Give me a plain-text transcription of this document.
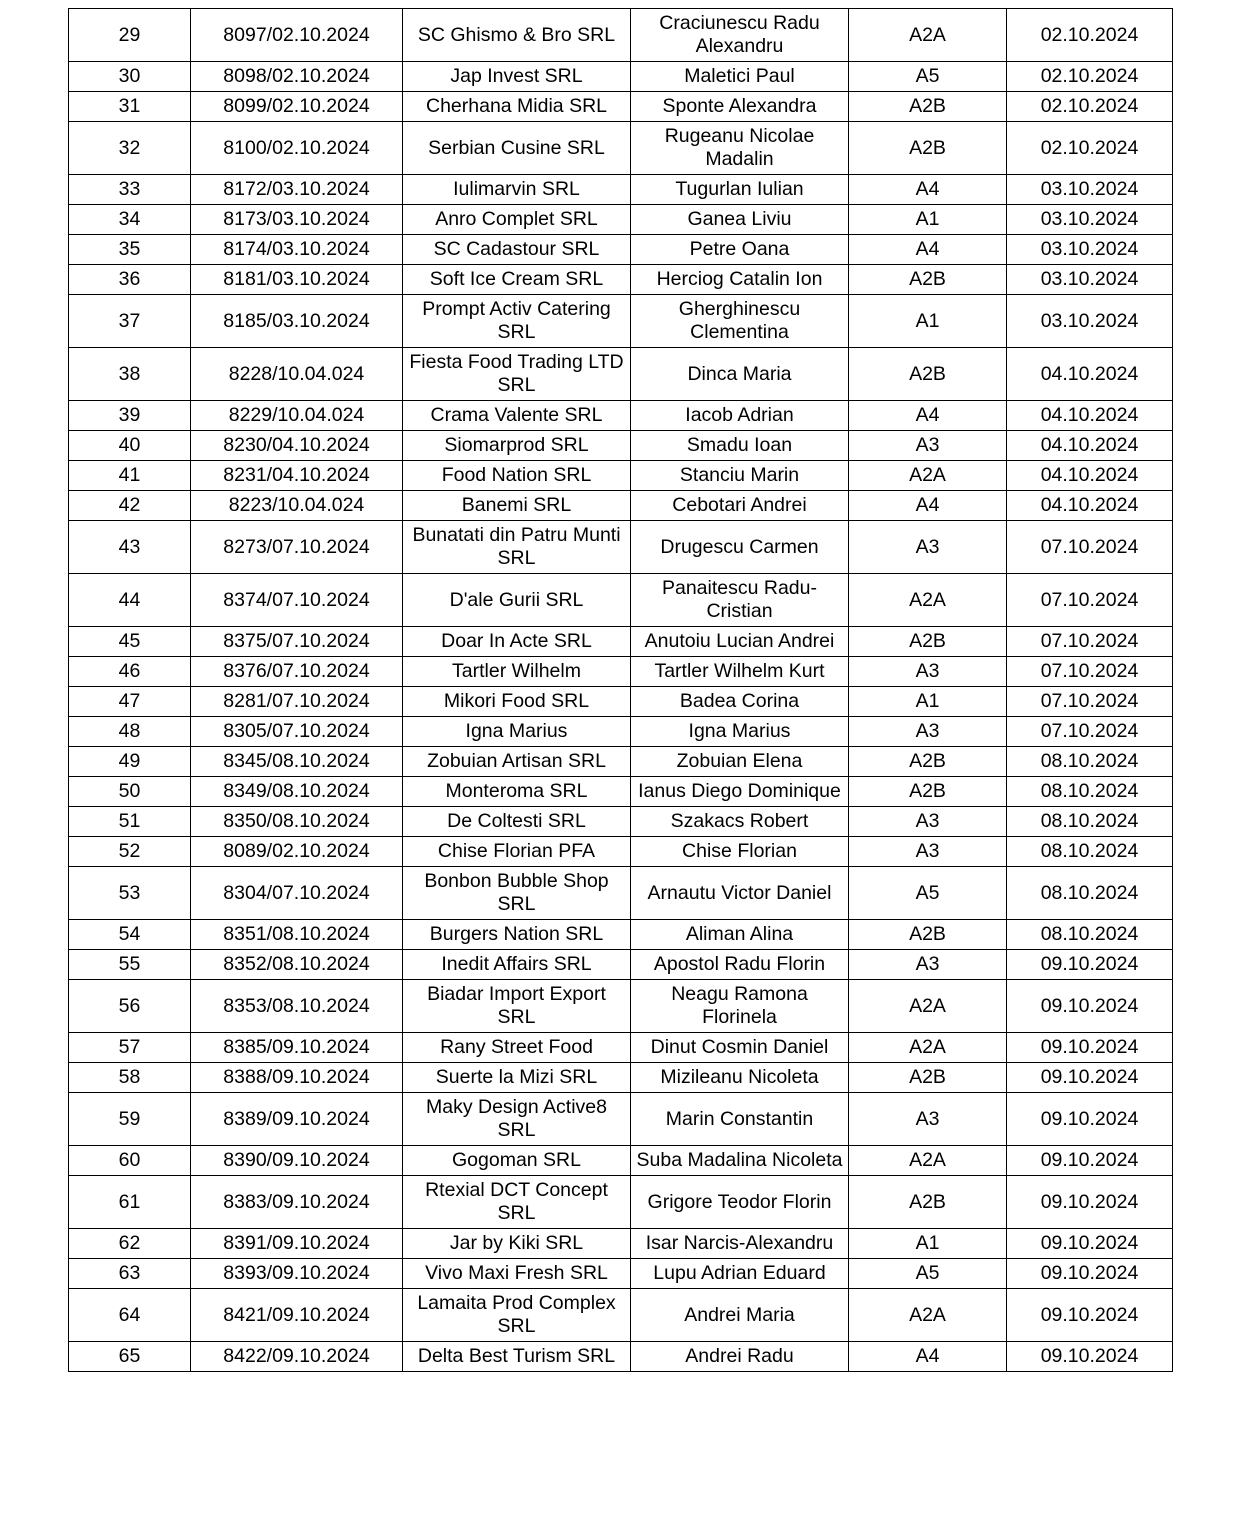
29	8097/02.10.2024	SC Ghismo & Bro SRL	Craciunescu Radu Alexandru	A2A	02.10.2024
30	8098/02.10.2024	Jap Invest SRL	Maletici Paul	A5	02.10.2024
31	8099/02.10.2024	Cherhana Midia SRL	Sponte Alexandra	A2B	02.10.2024
32	8100/02.10.2024	Serbian Cusine SRL	Rugeanu Nicolae Madalin	A2B	02.10.2024
33	8172/03.10.2024	Iulimarvin SRL	Tugurlan Iulian	A4	03.10.2024
34	8173/03.10.2024	Anro Complet SRL	Ganea Liviu	A1	03.10.2024
35	8174/03.10.2024	SC Cadastour SRL	Petre Oana	A4	03.10.2024
36	8181/03.10.2024	Soft Ice Cream SRL	Herciog Catalin Ion	A2B	03.10.2024
37	8185/03.10.2024	Prompt Activ Catering SRL	Gherghinescu Clementina	A1	03.10.2024
38	8228/10.04.024	Fiesta Food Trading LTD SRL	Dinca Maria	A2B	04.10.2024
39	8229/10.04.024	Crama Valente SRL	Iacob Adrian	A4	04.10.2024
40	8230/04.10.2024	Siomarprod SRL	Smadu Ioan	A3	04.10.2024
41	8231/04.10.2024	Food Nation SRL	Stanciu Marin	A2A	04.10.2024
42	8223/10.04.024	Banemi SRL	Cebotari Andrei	A4	04.10.2024
43	8273/07.10.2024	Bunatati din Patru Munti SRL	Drugescu Carmen	A3	07.10.2024
44	8374/07.10.2024	D'ale Gurii SRL	Panaitescu Radu-Cristian	A2A	07.10.2024
45	8375/07.10.2024	Doar In Acte SRL	Anutoiu Lucian Andrei	A2B	07.10.2024
46	8376/07.10.2024	Tartler Wilhelm	Tartler Wilhelm Kurt	A3	07.10.2024
47	8281/07.10.2024	Mikori Food SRL	Badea Corina	A1	07.10.2024
48	8305/07.10.2024	Igna Marius	Igna Marius	A3	07.10.2024
49	8345/08.10.2024	Zobuian Artisan SRL	Zobuian Elena	A2B	08.10.2024
50	8349/08.10.2024	Monteroma SRL	Ianus Diego Dominique	A2B	08.10.2024
51	8350/08.10.2024	De Coltesti SRL	Szakacs Robert	A3	08.10.2024
52	8089/02.10.2024	Chise Florian PFA	Chise Florian	A3	08.10.2024
53	8304/07.10.2024	Bonbon Bubble Shop SRL	Arnautu Victor Daniel	A5	08.10.2024
54	8351/08.10.2024	Burgers Nation SRL	Aliman Alina	A2B	08.10.2024
55	8352/08.10.2024	Inedit Affairs SRL	Apostol Radu Florin	A3	09.10.2024
56	8353/08.10.2024	Biadar Import Export SRL	Neagu Ramona Florinela	A2A	09.10.2024
57	8385/09.10.2024	Rany Street Food	Dinut Cosmin Daniel	A2A	09.10.2024
58	8388/09.10.2024	Suerte la Mizi SRL	Mizileanu Nicoleta	A2B	09.10.2024
59	8389/09.10.2024	Maky Design Active8 SRL	Marin Constantin	A3	09.10.2024
60	8390/09.10.2024	Gogoman SRL	Suba Madalina Nicoleta	A2A	09.10.2024
61	8383/09.10.2024	Rtexial DCT Concept SRL	Grigore Teodor Florin	A2B	09.10.2024
62	8391/09.10.2024	Jar by Kiki SRL	Isar Narcis-Alexandru	A1	09.10.2024
63	8393/09.10.2024	Vivo Maxi Fresh SRL	Lupu Adrian Eduard	A5	09.10.2024
64	8421/09.10.2024	Lamaita Prod Complex SRL	Andrei Maria	A2A	09.10.2024
65	8422/09.10.2024	Delta Best Turism SRL	Andrei Radu	A4	09.10.2024
